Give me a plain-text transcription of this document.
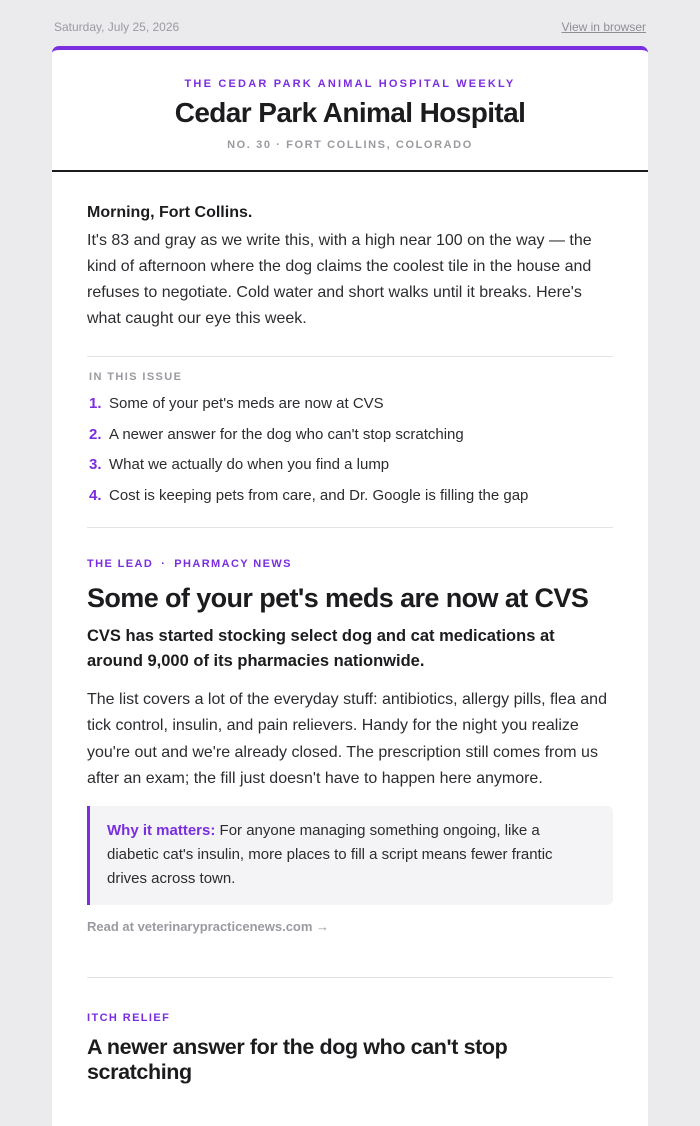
Saturday, July 25, 2026	View in browser
THE CEDAR PARK ANIMAL HOSPITAL WEEKLY
Cedar Park Animal Hospital
NO. 30 · FORT COLLINS, COLORADO
Morning, Fort Collins.
It's 83 and gray as we write this, with a high near 100 on the way — the kind of afternoon where the dog claims the coolest tile in the house and refuses to negotiate. Cold water and short walks until it breaks. Here's what caught our eye this week.
IN THIS ISSUE
1. Some of your pet's meds are now at CVS
2. A newer answer for the dog who can't stop scratching
3. What we actually do when you find a lump
4. Cost is keeping pets from care, and Dr. Google is filling the gap
THE LEAD · PHARMACY NEWS
Some of your pet's meds are now at CVS
CVS has started stocking select dog and cat medications at around 9,000 of its pharmacies nationwide.
The list covers a lot of the everyday stuff: antibiotics, allergy pills, flea and tick control, insulin, and pain relievers. Handy for the night you realize you're out and we're already closed. The prescription still comes from us after an exam; the fill just doesn't have to happen here anymore.
Why it matters: For anyone managing something ongoing, like a diabetic cat's insulin, more places to fill a script means fewer frantic drives across town.
Read at veterinarypracticenews.com →
ITCH RELIEF
A newer answer for the dog who can't stop scratching
